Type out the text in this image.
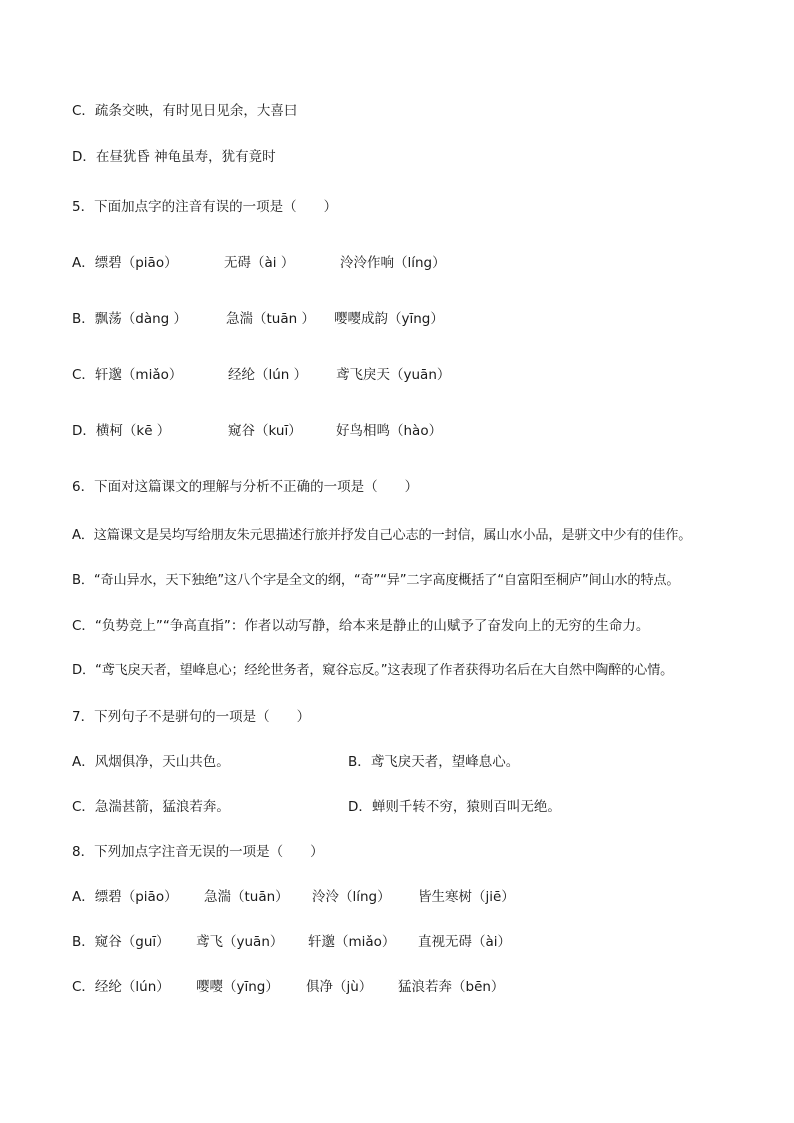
C．疏条交映，有时见日见余，大喜曰
D．在昼犹昏 神龟虽寿，犹有竟时
5．下面加点字的注音有误的一项是（　　）
A．缥碧（piāo）	无碍（ài ）	泠泠作响（líng）
B．飘荡（dàng ）	急湍（tuān ） 嘤嘤成韵（yīng）
C．轩邈（miǎo）	经纶（lún ） 鸢飞戾天（yuān）
D．横柯（kē ）	窥谷（kuī）	好鸟相鸣（hào）
6．下面对这篇课文的理解与分析不正确的一项是（　　）
A．这篇课文是吴均写给朋友朱元思描述行旅并抒发自己心志的一封信，属山水小品，是骈文中少有的佳作。
B．“奇山异水，天下独绝”这八个字是全文的纲，“奇”“异”二字高度概括了“自富阳至桐庐”间山水的特点。
C．“负势竞上”“争高直指”：作者以动写静，给本来是静止的山赋予了奋发向上的无穷的生命力。
D．“鸢飞戾天者，望峰息心；经纶世务者，窥谷忘反。”这表现了作者获得功名后在大自然中陶醉的心情。
7．下列句子不是骈句的一项是（　　）
A．风烟俱净，天山共色。	B．鸢飞戾天者，望峰息心。
C．急湍甚箭，猛浪若奔。	D．蝉则千转不穷，猿则百叫无绝。
8．下列加点字注音无误的一项是（　　）
A．缥碧（piāo） 急湍（tuān） 泠泠（líng） 皆生寒树（jiē）
B．窥谷（guī） 鸢飞（yuān） 轩邈（miǎo） 直视无碍（ài）
C．经纶（lún） 嘤嘤（yīng） 俱净（jù） 猛浪若奔（bēn）
